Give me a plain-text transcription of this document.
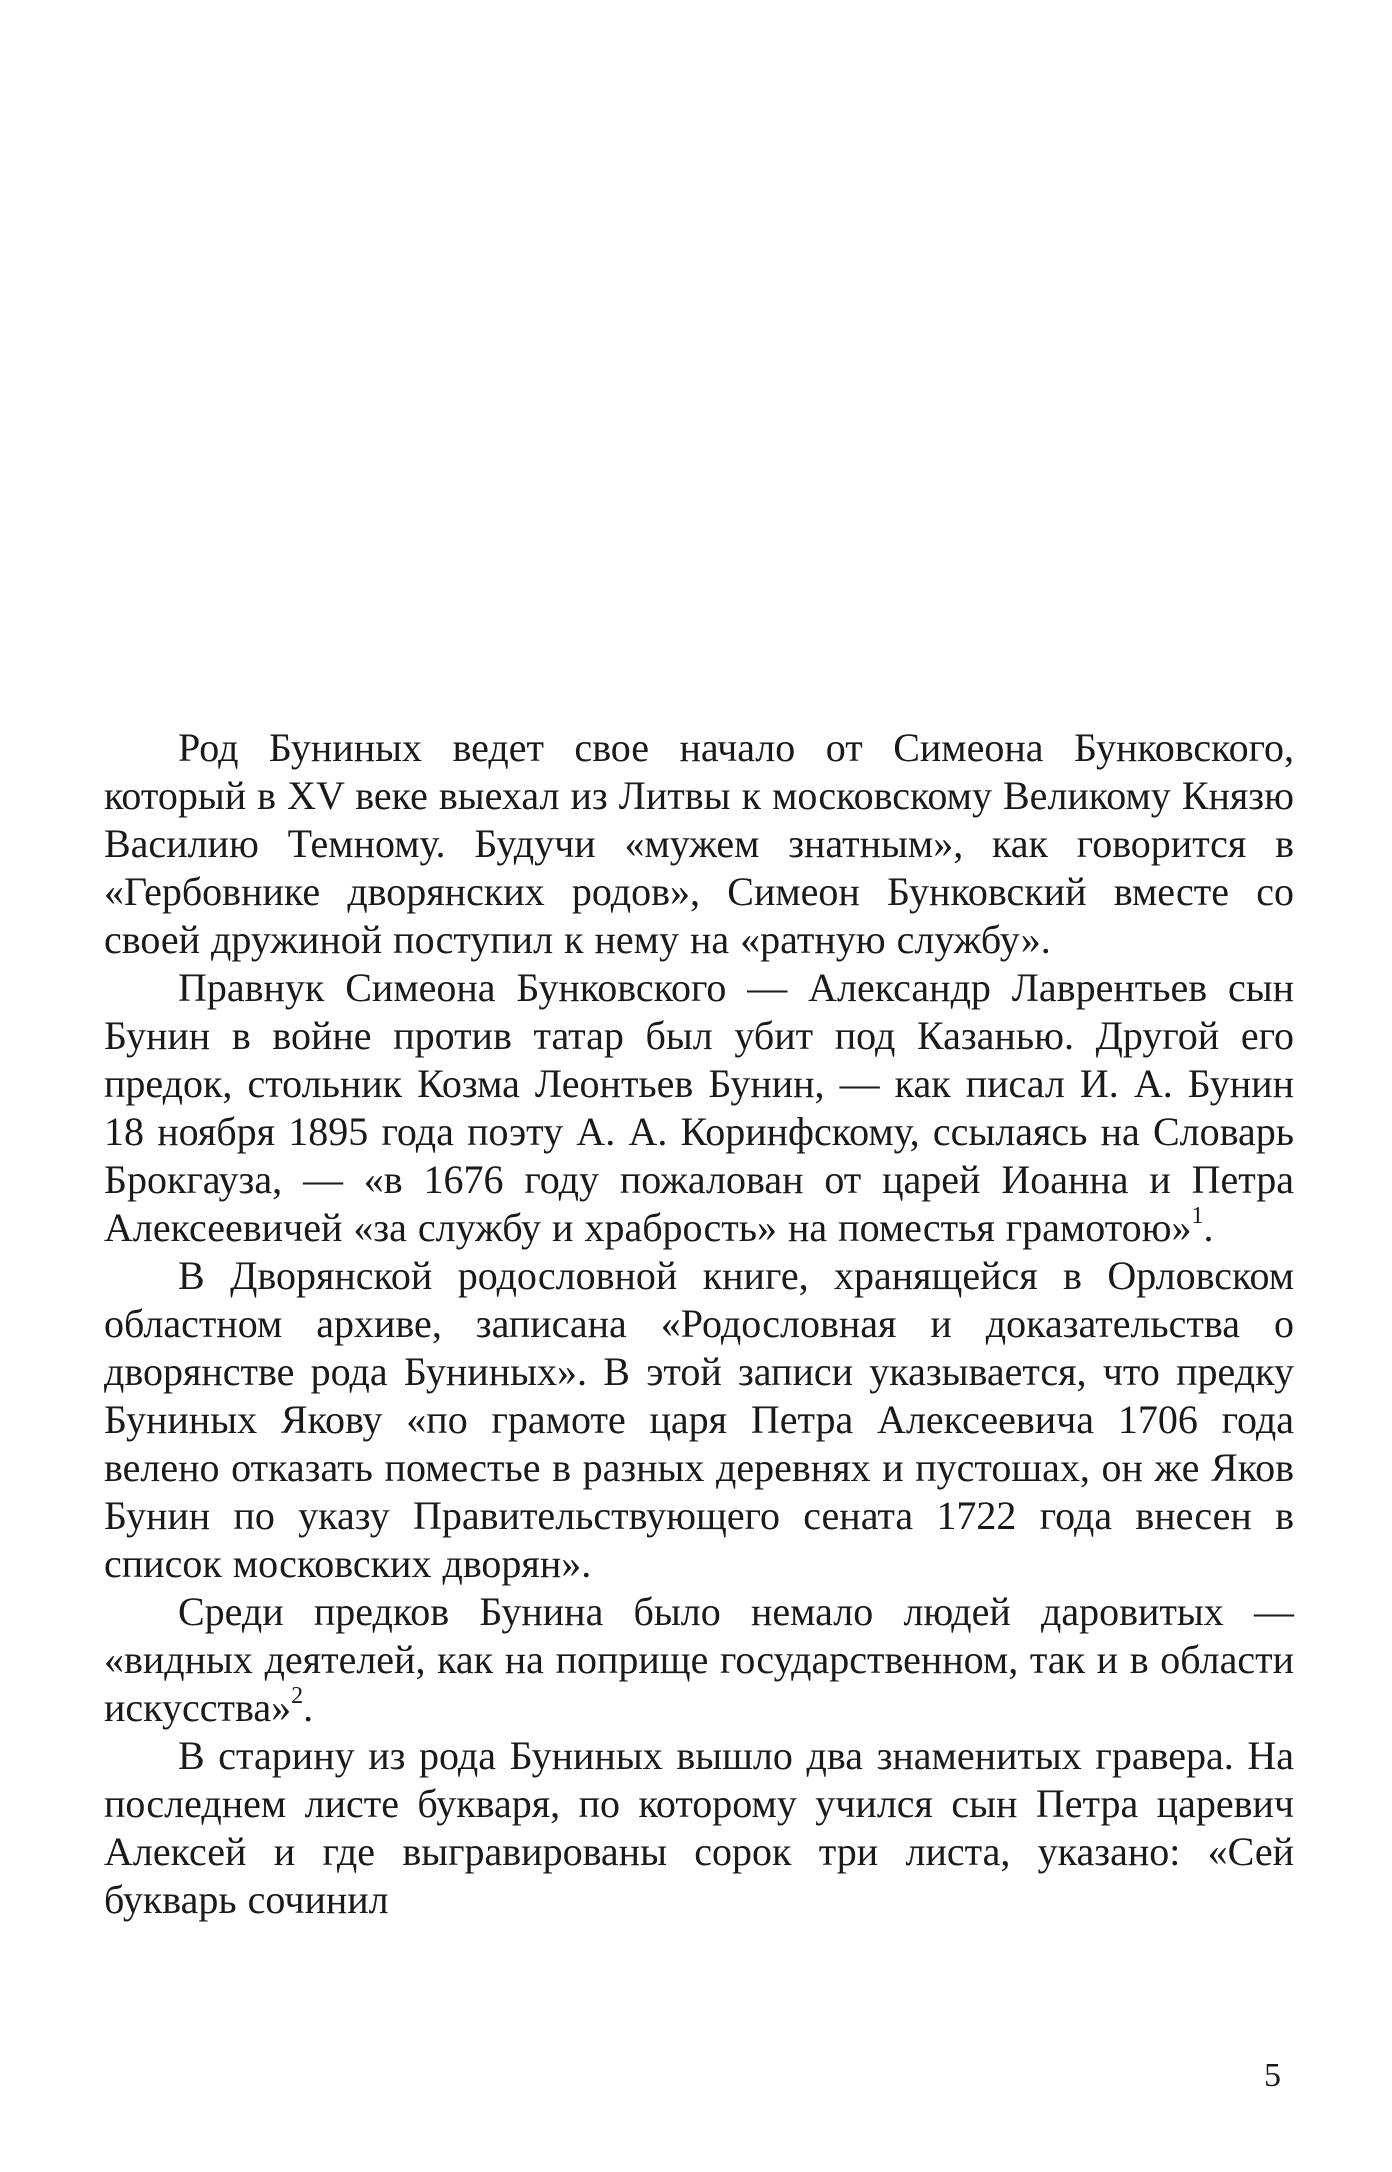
Род Буниных ведет свое начало от Симеона Бунковского, который в XV веке выехал из Литвы к московскому Великому Князю Василию Темному. Будучи «мужем знатным», как говорится в «Гербовнике дворянских родов», Симеон Бунковский вместе со своей дружиной поступил к нему на «ратную службу».

Правнук Симеона Бунковского — Александр Лаврентьев сын Бунин в войне против татар был убит под Казанью. Другой его предок, стольник Козма Леонтьев Бунин, — как писал И. А. Бунин 18 ноября 1895 года поэту А. А. Коринфскому, ссылаясь на Словарь Брокгауза, — «в 1676 году пожалован от царей Иоанна и Петра Алексеевичей «за службу и храбрость» на поместья грамотою»$^1$.

В Дворянской родословной книге, хранящейся в Орловском областном архиве, записана «Родословная и доказательства о дворянстве рода Буниных». В этой записи указывается, что предку Буниных Якову «по грамоте царя Петра Алексеевича 1706 года велено отказать поместье в разных деревнях и пустошах, он же Яков Бунин по указу Правительствующего сената 1722 года внесен в список московских дворян».

Среди предков Бунина было немало людей даровитых — «видных деятелей, как на поприще государственном, так и в области искусства»$^2$.

В старину из рода Буниных вышло два знаменитых гравера. На последнем листе букваря, по которому учился сын Петра царевич Алексей и где выгравированы сорок три листа, указано: «Сей букварь сочинил

5
